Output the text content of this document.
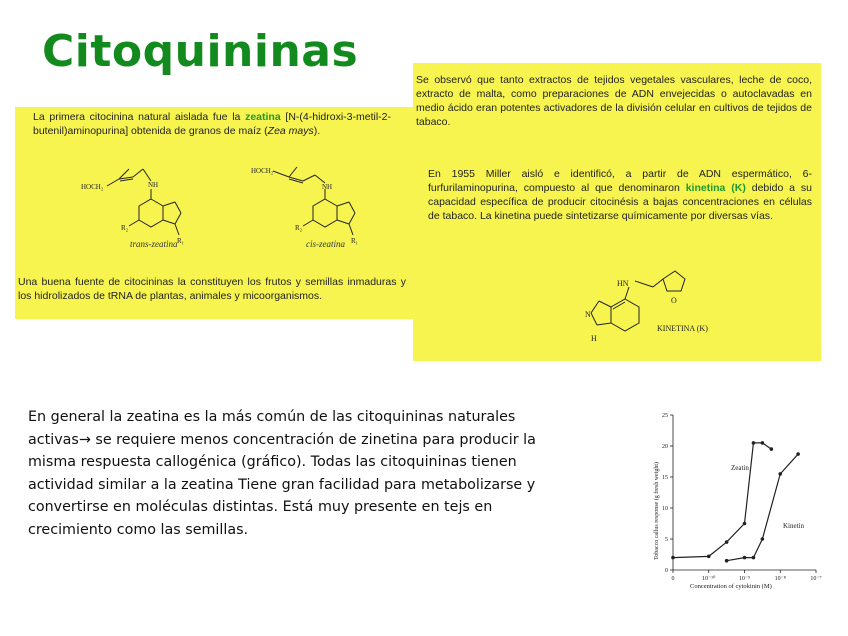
Citoquininas
La primera citocinina natural aislada fue la zeatina [N-(4-hidroxi-3-metil-2-butenil)aminopurina] obtenida de granos de maíz (Zea mays).
HOCH₂	NH
R₂
R₁
trans-zeatina
HOCH₂
NH
R₂
R₁
cis-zeatina
Una buena fuente de citocininas la constituyen los frutos y semillas inmaduras y los hidrolizados de tRNA de plantas, animales y micoorganismos.
Se observó que tanto extractos de tejidos vegetales vasculares, leche de coco, extracto de malta, como preparaciones de ADN envejecidas o autoclavadas en medio ácido eran potentes activadores de la división celular en cultivos de tejidos de tabaco.
En 1955 Miller aisló e identificó, a partir de ADN espermático, 6-furfurilaminopurina, compuesto al que denominaron kinetina (K) debido a su capacidad específica de producir citocinésis a bajas concentraciones en células de tabaco. La kinetina puede sintetizarse químicamente por diversas vías.
HN
N
H
O
KINETINA (K)
En general la zeatina es la más común de las citoquininas naturales
activas→ se requiere menos concentración de zinetina para producir la
misma respuesta callogénica (gráfico). Todas las citoquininas tienen
actividad similar a la zeatina Tiene gran facilidad para metabolizarse y
convertirse en moléculas distintas. Está muy presente en tejs en
crecimiento como las semillas.
0
5
10
15
20
25
0	10⁻¹⁰	10⁻⁹	10⁻⁸	10⁻⁷
Tobacco callus response (g fresh weight)
Concentration of cytokinin (M)
Zeatin
Kinetin
